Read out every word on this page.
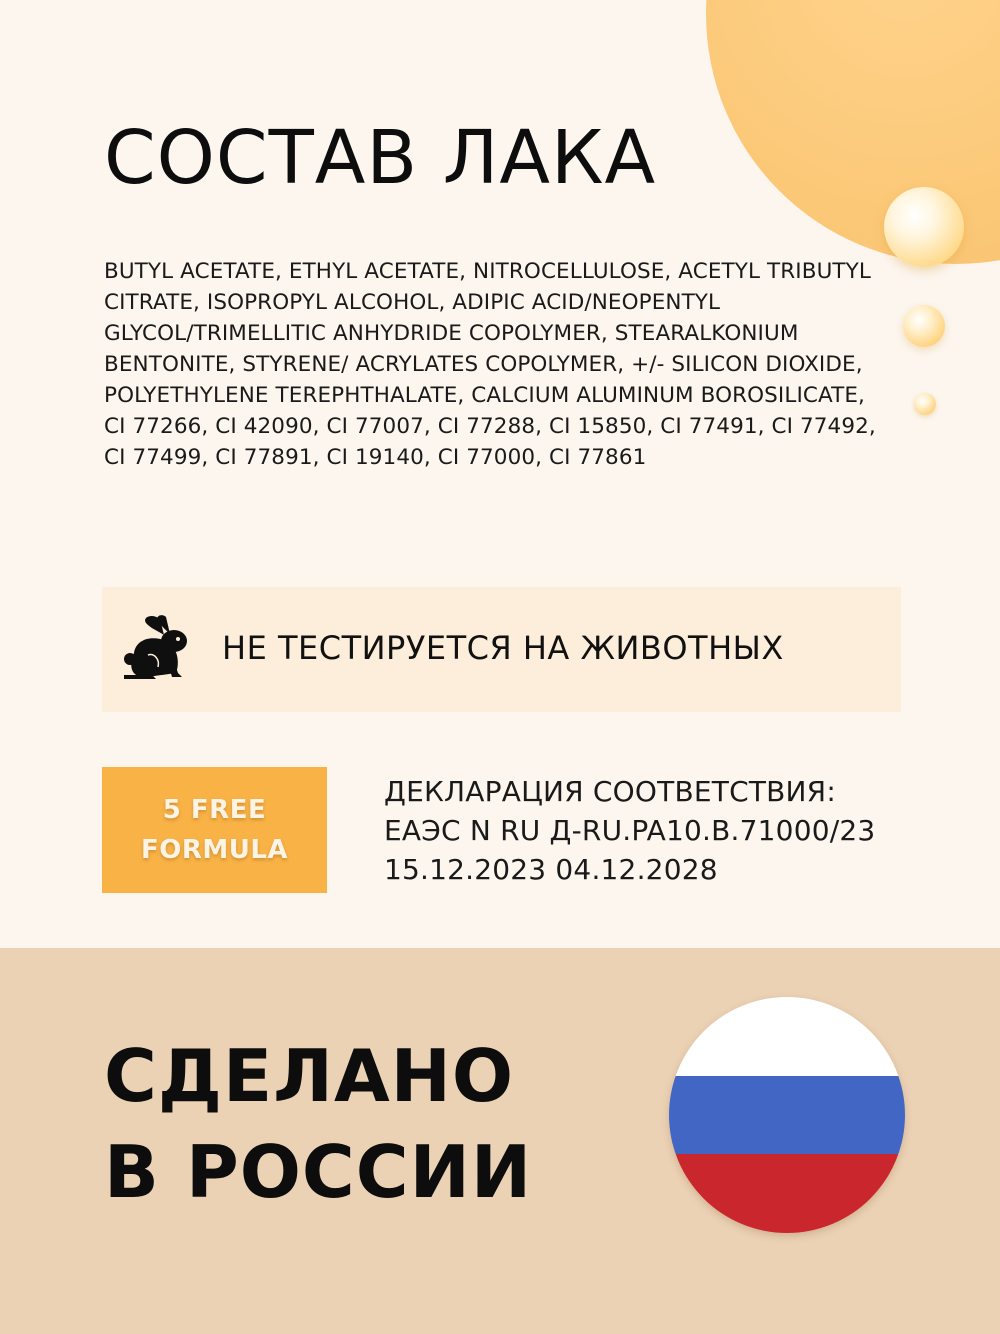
СОСТАВ ЛАКА

BUTYL ACETATE, ETHYL ACETATE, NITROCELLULOSE, ACETYL TRIBUTYL CITRATE, ISOPROPYL ALCOHOL, ADIPIC ACID/NEOPENTYL GLYCOL/TRIMELLITIC ANHYDRIDE COPOLYMER, STEARALKONIUM BENTONITE, STYRENE/ ACRYLATES COPOLYMER, +/- SILICON DIOXIDE, POLYETHYLENE TEREPHTHALATE, CALCIUM ALUMINUM BOROSILICATE, CI 77266, CI 42090, CI 77007, CI 77288, CI 15850, CI 77491, CI 77492, CI 77499, CI 77891, CI 19140, CI 77000, CI 77861

НЕ ТЕСТИРУЕТСЯ НА ЖИВОТНЫХ
5 FREE
FORMULA
ДЕКЛАРАЦИЯ СООТВЕТСТВИЯ:
ЕАЭС N RU Д-RU.PA10.B.71000/23
15.12.2023 04.12.2028
СДЕЛАНО
В РОССИИ
